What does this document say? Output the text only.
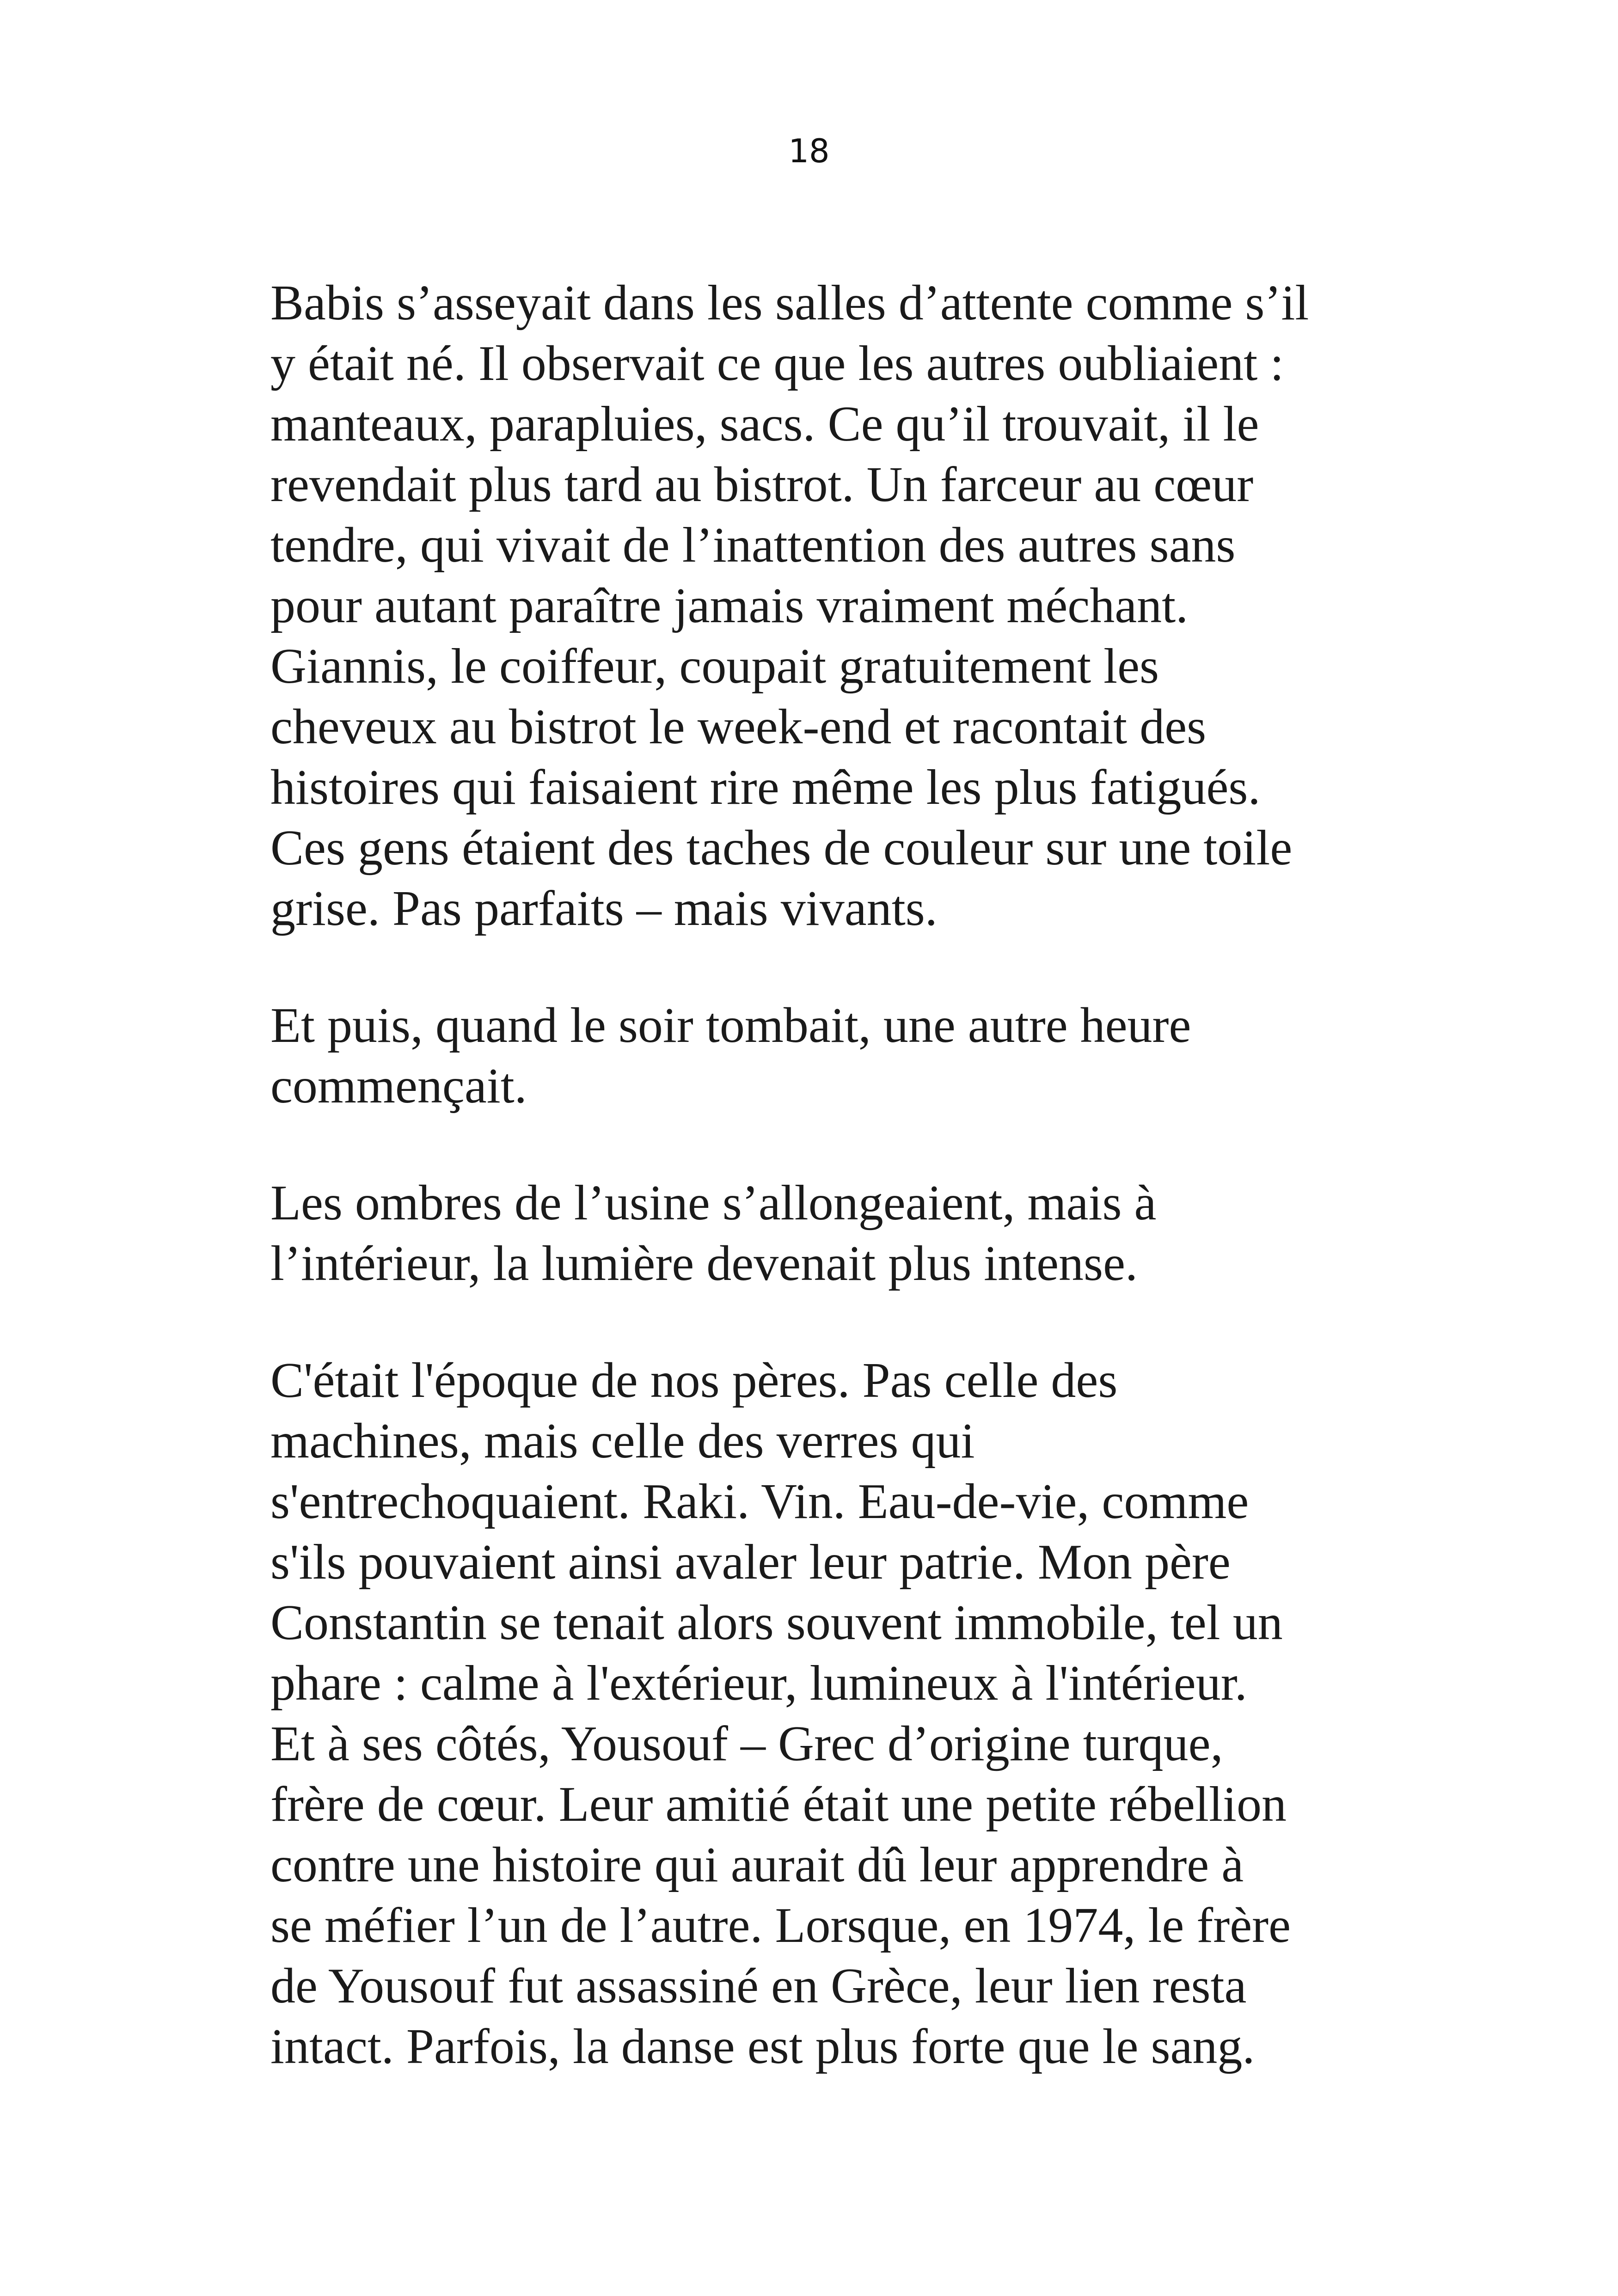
18

Babis s’asseyait dans les salles d’attente comme s’il
y était né. Il observait ce que les autres oubliaient :
manteaux, parapluies, sacs. Ce qu’il trouvait, il le
revendait plus tard au bistrot. Un farceur au cœur
tendre, qui vivait de l’inattention des autres sans
pour autant paraître jamais vraiment méchant.
Giannis, le coiffeur, coupait gratuitement les
cheveux au bistrot le week-end et racontait des
histoires qui faisaient rire même les plus fatigués.
Ces gens étaient des taches de couleur sur une toile
grise. Pas parfaits – mais vivants.

Et puis, quand le soir tombait, une autre heure
commençait.

Les ombres de l’usine s’allongeaient, mais à
l’intérieur, la lumière devenait plus intense.

C'était l'époque de nos pères. Pas celle des
machines, mais celle des verres qui
s'entrechoquaient. Raki. Vin. Eau-de-vie, comme
s'ils pouvaient ainsi avaler leur patrie. Mon père
Constantin se tenait alors souvent immobile, tel un
phare : calme à l'extérieur, lumineux à l'intérieur.
Et à ses côtés, Yousouf – Grec d’origine turque,
frère de cœur. Leur amitié était une petite rébellion
contre une histoire qui aurait dû leur apprendre à
se méfier l’un de l’autre. Lorsque, en 1974, le frère
de Yousouf fut assassiné en Grèce, leur lien resta
intact. Parfois, la danse est plus forte que le sang.
